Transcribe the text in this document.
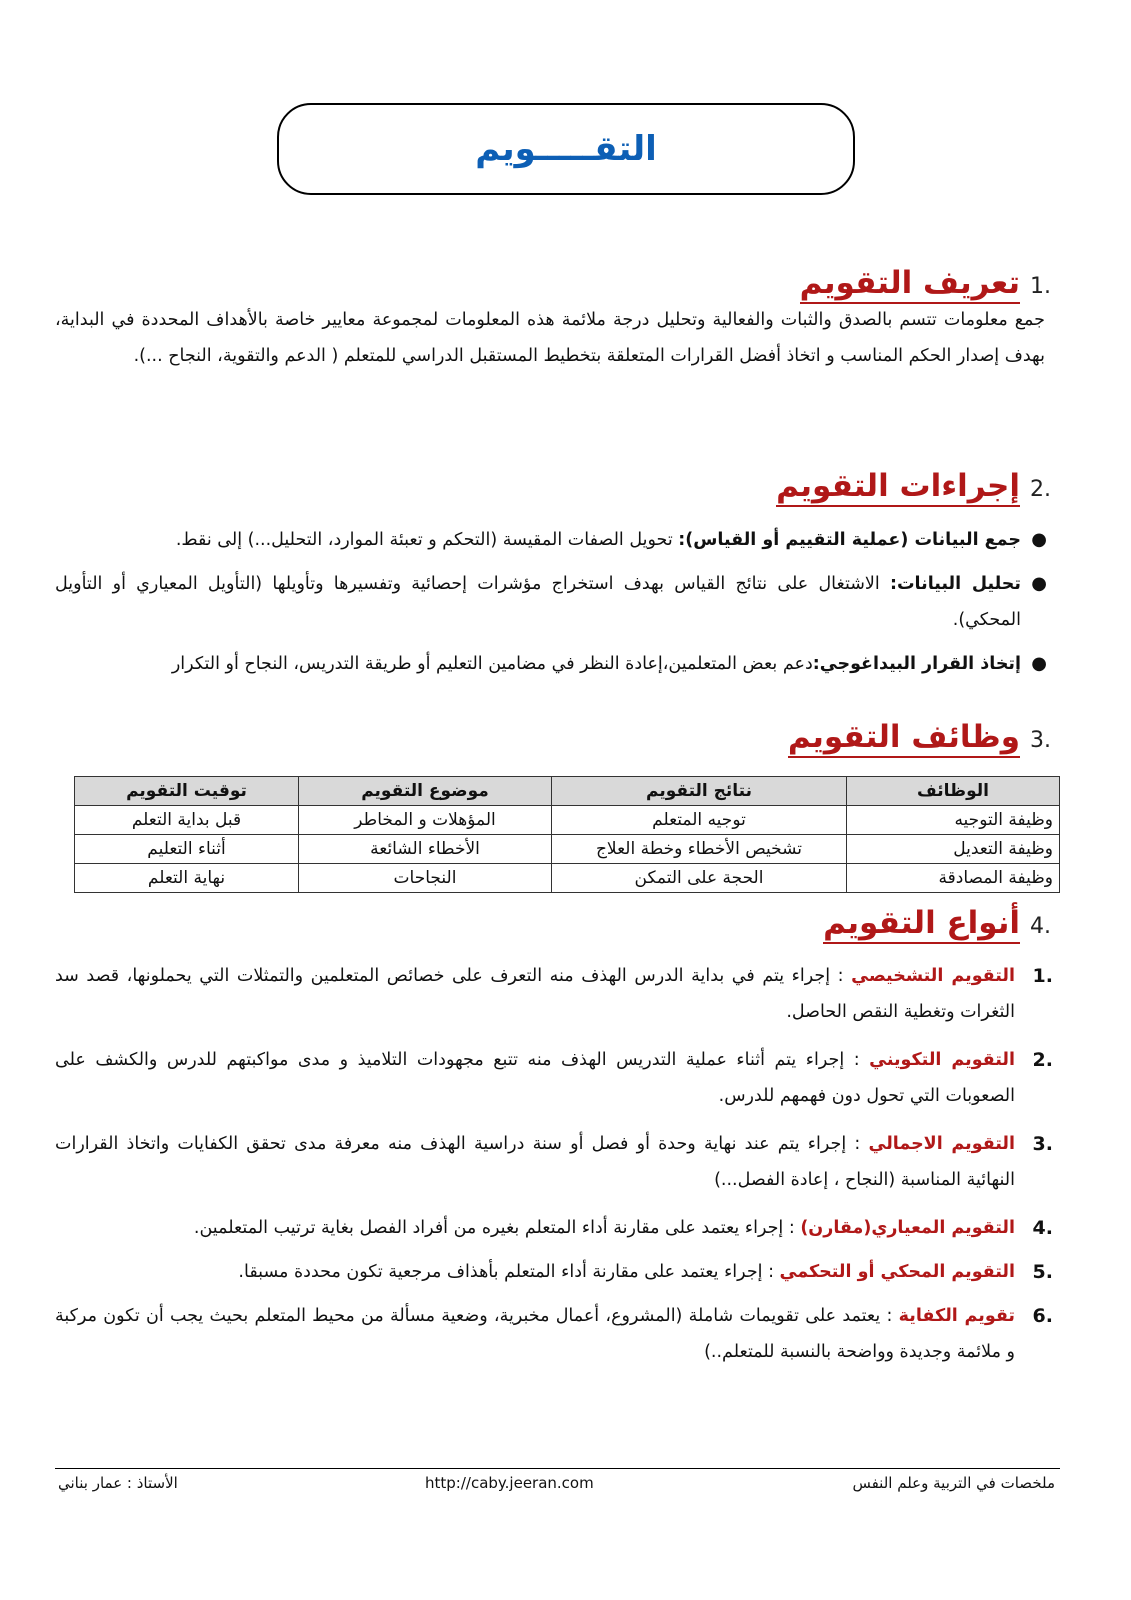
التقـــــويم
.1
تعريف التقويم

جمع معلومات تتسم بالصدق والثبات والفعالية وتحليل درجة ملائمة هذه المعلومات لمجموعة معايير خاصة بالأهداف المحددة في البداية، بهدف إصدار الحكم المناسب و اتخاذ أفضل القرارات المتعلقة بتخطيط المستقبل الدراسي للمتعلم ( الدعم والتقوية، النجاح ...).

.2
إجراءات التقويم
●
جمع البيانات (عملية التقييم أو القياس): تحويل الصفات المقيسة (التحكم و تعبئة الموارد، التحليل...) إلى نقط.
●
تحليل البيانات: الاشتغال على نتائج القياس بهدف استخراج مؤشرات إحصائية وتفسيرها وتأويلها (التأويل المعياري أو التأويل المحكي).
●
إتخاذ القرار البيداغوجي:دعم بعض المتعلمين،إعادة النظر في مضامين التعليم أو طريقة التدريس، النجاح أو التكرار
.3
وظائف التقويم
الوظائف	نتائج التقويم	موضوع التقويم	توقيت التقويم
وظيفة التوجيه	توجيه المتعلم	المؤهلات و المخاطر	قبل بداية التعلم
وظيفة التعديل	تشخيص الأخطاء وخطة العلاج	الأخطاء الشائعة	أثناء التعليم
وظيفة المصادقة	الحجة على التمكن	النجاحات	نهاية التعلم
.4
أنواع التقويم
.1
التقويم التشخيصي : إجراء يتم في بداية الدرس الهذف منه التعرف على خصائص المتعلمين والتمثلات التي يحملونها، قصد سد الثغرات وتغطية النقص الحاصل.
.2
التقويم التكويني : إجراء يتم أثناء عملية التدريس الهذف منه تتبع مجهودات التلاميذ و مدى مواكبتهم للدرس والكشف على الصعوبات التي تحول دون فهمهم للدرس.
.3
التقويم الاجمالي : إجراء يتم عند نهاية وحدة أو فصل أو سنة دراسية الهذف منه معرفة مدى تحقق الكفايات واتخاذ القرارات النهائية المناسبة (النجاح ، إعادة الفصل...)
.4
التقويم المعياري(مقارن) : إجراء يعتمد على مقارنة أداء المتعلم بغيره من أفراد الفصل بغاية ترتيب المتعلمين.
.5
التقويم المحكي أو التحكمي : إجراء يعتمد على مقارنة أداء المتعلم بأهذاف مرجعية تكون محددة مسبقا.
.6
تقويم الكفاية : يعتمد على تقويمات شاملة (المشروع، أعمال مخبرية، وضعية مسألة من محيط المتعلم بحيث يجب أن تكون مركبة و ملائمة وجديدة وواضحة بالنسبة للمتعلم..)
ملخصات في التربية وعلم النفس
http://caby.jeeran.com
الأستاذ : عمار بناني
